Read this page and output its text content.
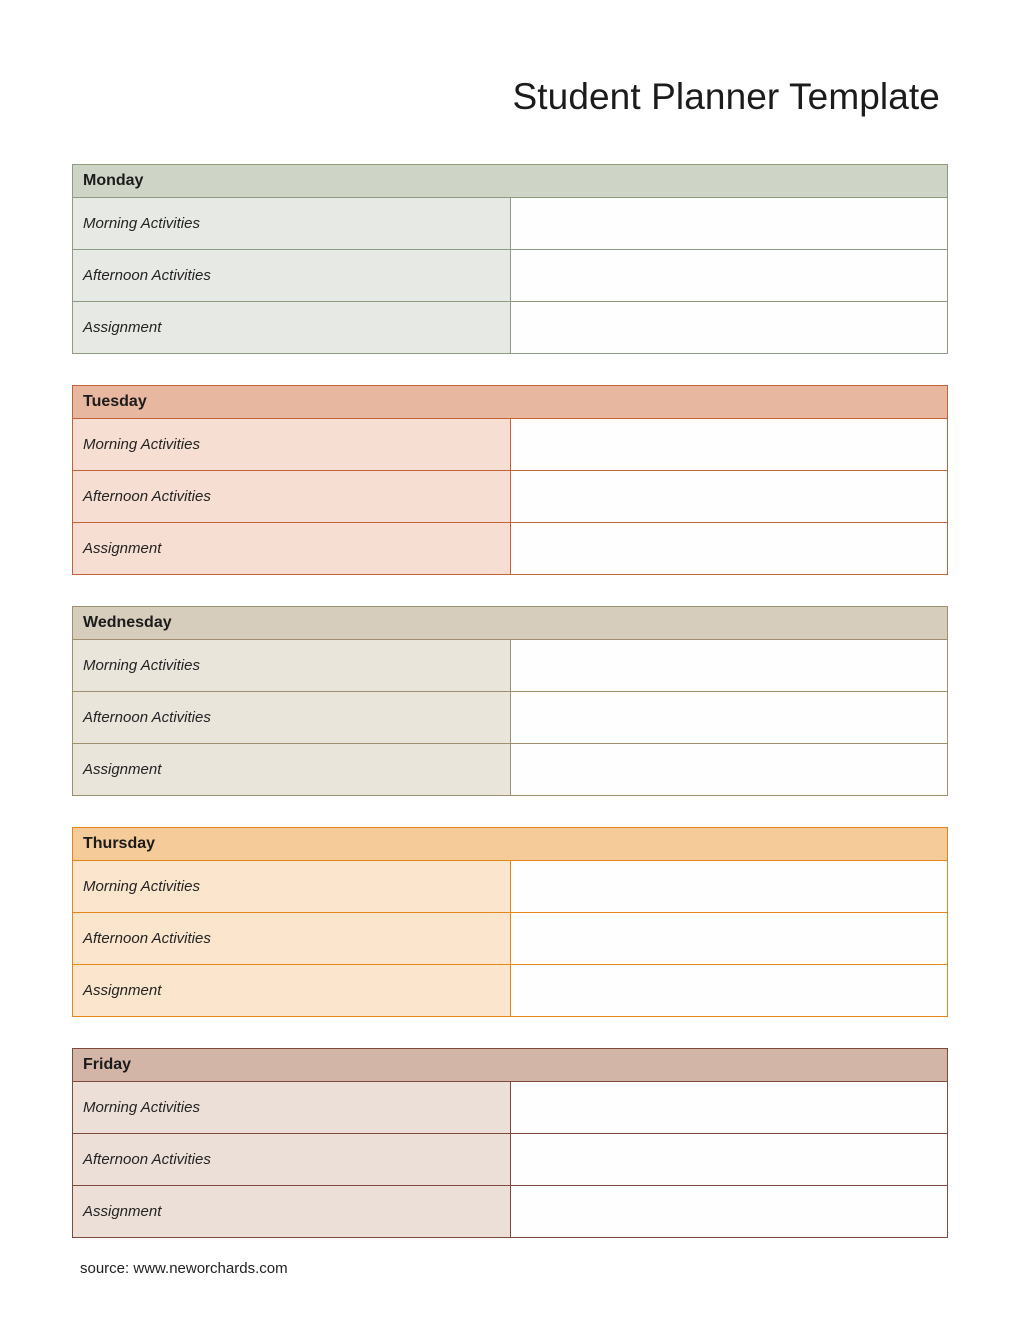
Student Planner Template
Monday	
Morning Activities	
Afternoon Activities	
Assignment	
Tuesday	
Morning Activities	
Afternoon Activities	
Assignment	
Wednesday	
Morning Activities	
Afternoon Activities	
Assignment	
Thursday	
Morning Activities	
Afternoon Activities	
Assignment	
Friday	
Morning Activities	
Afternoon Activities	
Assignment	
source: www.neworchards.com
